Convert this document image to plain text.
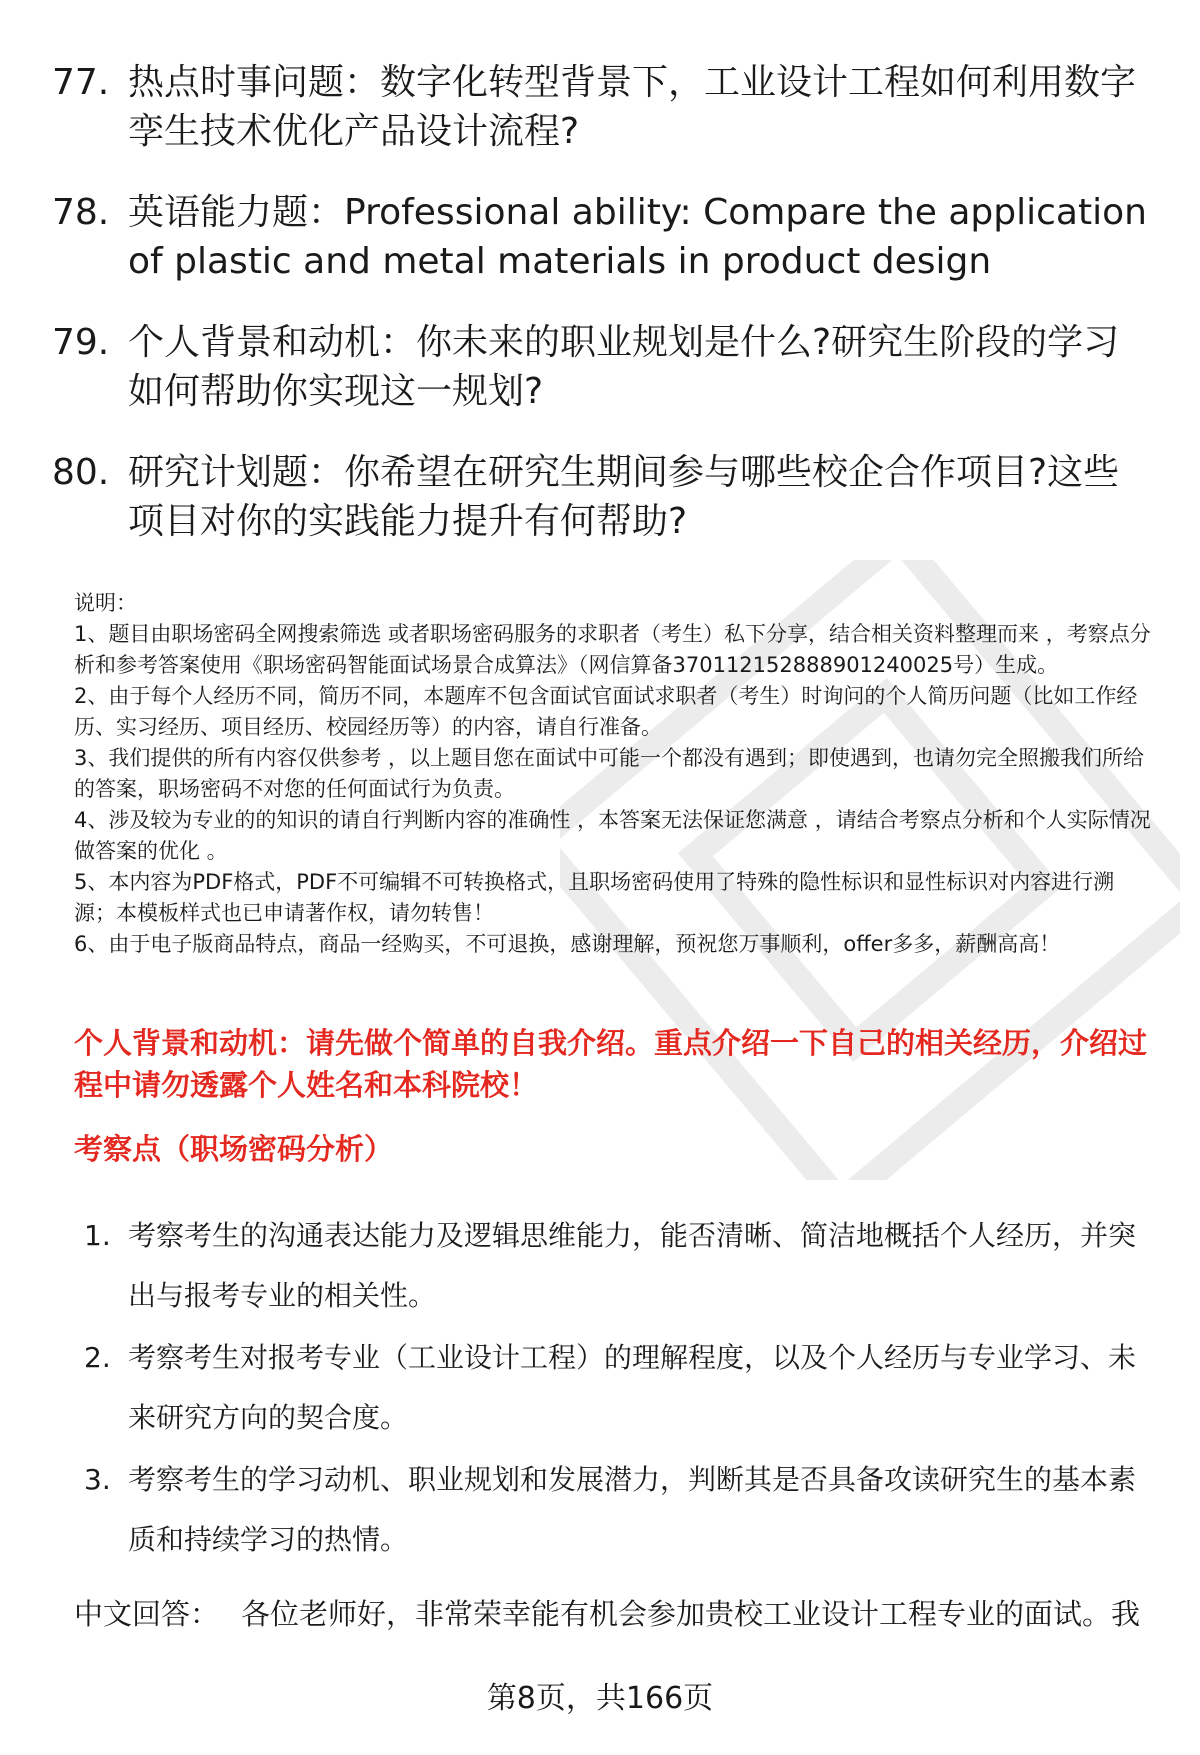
77. 热点时事问题：数字化转型背景下，工业设计工程如何利用数字孪生技术优化产品设计流程?
78. 英语能力题：Professional ability: Compare the application of plastic and metal materials in product design
79. 个人背景和动机：你未来的职业规划是什么?研究生阶段的学习如何帮助你实现这一规划?
80. 研究计划题：你希望在研究生期间参与哪些校企合作项目?这些项目对你的实践能力提升有何帮助?

说明：

1、题目由职场密码全网搜索筛选 或者职场密码服务的求职者（考生）私下分享，结合相关资料整理而来 ，考察点分析和参考答案使用《职场密码智能面试场景合成算法》（网信算备370112152888901240025号）生成。

2、由于每个人经历不同，简历不同，本题库不包含面试官面试求职者（考生）时询问的个人简历问题（比如工作经历、实习经历、项目经历、校园经历等）的内容，请自行准备。

3、我们提供的所有内容仅供参考 ，以上题目您在面试中可能一个都没有遇到；即使遇到，也请勿完全照搬我们所给的答案，职场密码不对您的任何面试行为负责。

4、涉及较为专业的的知识的请自行判断内容的准确性 ，本答案无法保证您满意 ，请结合考察点分析和个人实际情况做答案的优化 。

5、本内容为PDF格式，PDF不可编辑不可转换格式，且职场密码使用了特殊的隐性标识和显性标识对内容进行溯源；本模板样式也已申请著作权，请勿转售！

6、由于电子版商品特点，商品一经购买，不可退换，感谢理解，预祝您万事顺利，offer多多，薪酬高高！

个人背景和动机：请先做个简单的自我介绍。重点介绍一下自己的相关经历，介绍过程中请勿透露个人姓名和本科院校！
考察点（职场密码分析）
1. 考察考生的沟通表达能力及逻辑思维能力，能否清晰、简洁地概括个人经历，并突出与报考专业的相关性。
2. 考察考生对报考专业（工业设计工程）的理解程度，以及个人经历与专业学习、未来研究方向的契合度。
3. 考察考生的学习动机、职业规划和发展潜力，判断其是否具备攻读研究生的基本素质和持续学习的热情。
中文回答： 各位老师好，非常荣幸能有机会参加贵校工业设计工程专业的面试。我
第8页，共166页
